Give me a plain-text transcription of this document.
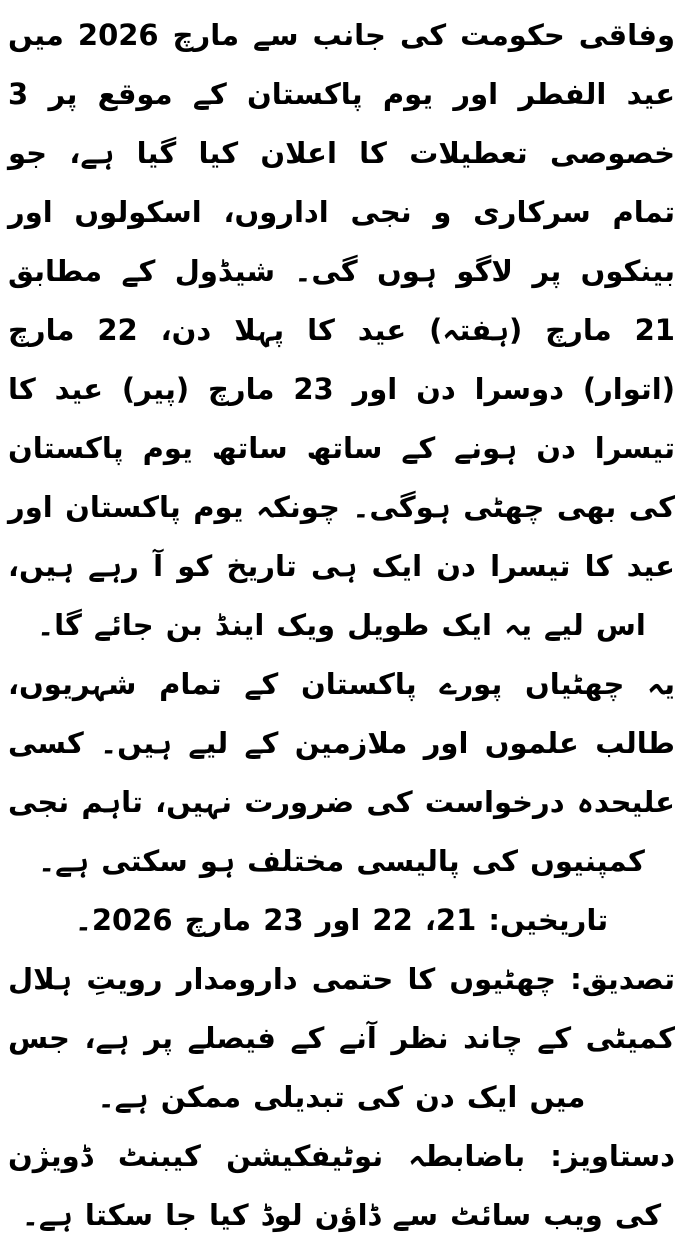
وفاقی حکومت کی جانب سے مارچ 2026 میں عید الفطر اور یوم پاکستان کے موقع پر 3 خصوصی تعطیلات کا اعلان کیا گیا ہے، جو تمام سرکاری و نجی اداروں، اسکولوں اور بینکوں پر لاگو ہوں گی۔ شیڈول کے مطابق 21 مارچ (ہفتہ) عید کا پہلا دن، 22 مارچ (اتوار) دوسرا دن اور 23 مارچ (پیر) عید کا تیسرا دن ہونے کے ساتھ ساتھ یوم پاکستان کی بھی چھٹی ہوگی۔ چونکہ یوم پاکستان اور عید کا تیسرا دن ایک ہی تاریخ کو آ رہے ہیں، اس لیے یہ ایک طویل ویک اینڈ بن جائے گا۔

یہ چھٹیاں پورے پاکستان کے تمام شہریوں، طالب علموں اور ملازمین کے لیے ہیں۔ کسی علیحدہ درخواست کی ضرورت نہیں، تاہم نجی کمپنیوں کی پالیسی مختلف ہو سکتی ہے۔

تاریخیں: 21، 22 اور 23 مارچ 2026۔

تصدیق: چھٹیوں کا حتمی دارومدار رویتِ ہلال کمیٹی کے چاند نظر آنے کے فیصلے پر ہے، جس میں ایک دن کی تبدیلی ممکن ہے۔

دستاویز: باضابطہ نوٹیفکیشن کیبنٹ ڈویژن کی ویب سائٹ سے ڈاؤن لوڈ کیا جا سکتا ہے۔
